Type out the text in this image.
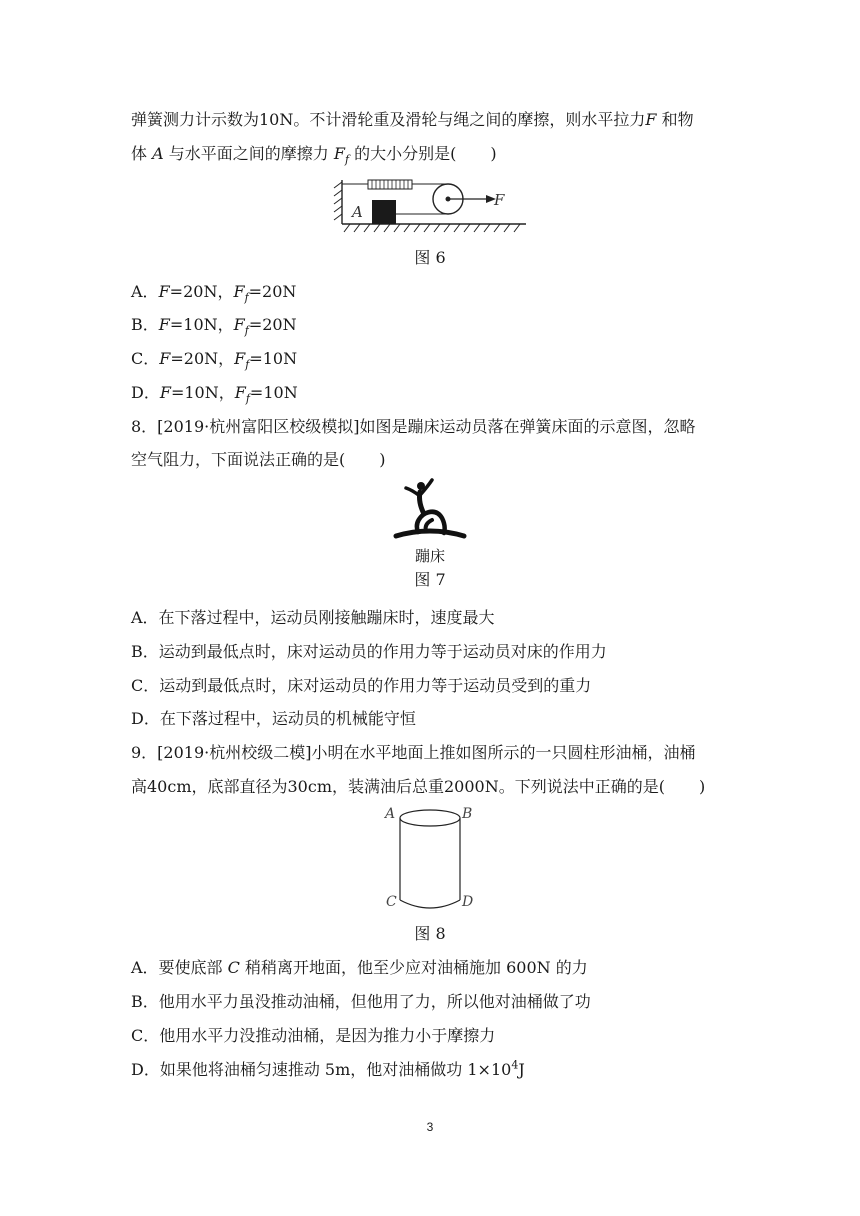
弹簧测力计示数为10N。不计滑轮重及滑轮与绳之间的摩擦，则水平拉力F 和物
体 A 与水平面之间的摩擦力 $F_f$ 的大小分别是( )
A
F
图 6
A．F=20N，$F_f=20N$
B．F=10N，$F_f=20N$
C．F=20N，$F_f=10N$
D．F=10N，$F_f=10N$
8．[2019·杭州富阳区校级模拟]如图是蹦床运动员落在弹簧床面的示意图，忽略
空气阻力，下面说法正确的是( )
蹦床
图 7
A．在下落过程中，运动员刚接触蹦床时，速度最大
B．运动到最低点时，床对运动员的作用力等于运动员对床的作用力
C．运动到最低点时，床对运动员的作用力等于运动员受到的重力
D．在下落过程中，运动员的机械能守恒
9．[2019·杭州校级二模]小明在水平地面上推如图所示的一只圆柱形油桶，油桶
高40cm，底部直径为30cm，装满油后总重2000N。下列说法中正确的是( )
A	B
C	D
图 8
A．要使底部 C 稍稍离开地面，他至少应对油桶施加 600N 的力
B．他用水平力虽没推动油桶，但他用了力，所以他对油桶做了功
C．他用水平力没推动油桶，是因为推力小于摩擦力
D．如果他将油桶匀速推动 5m，他对油桶做功 $1\times 10^4J$
3
